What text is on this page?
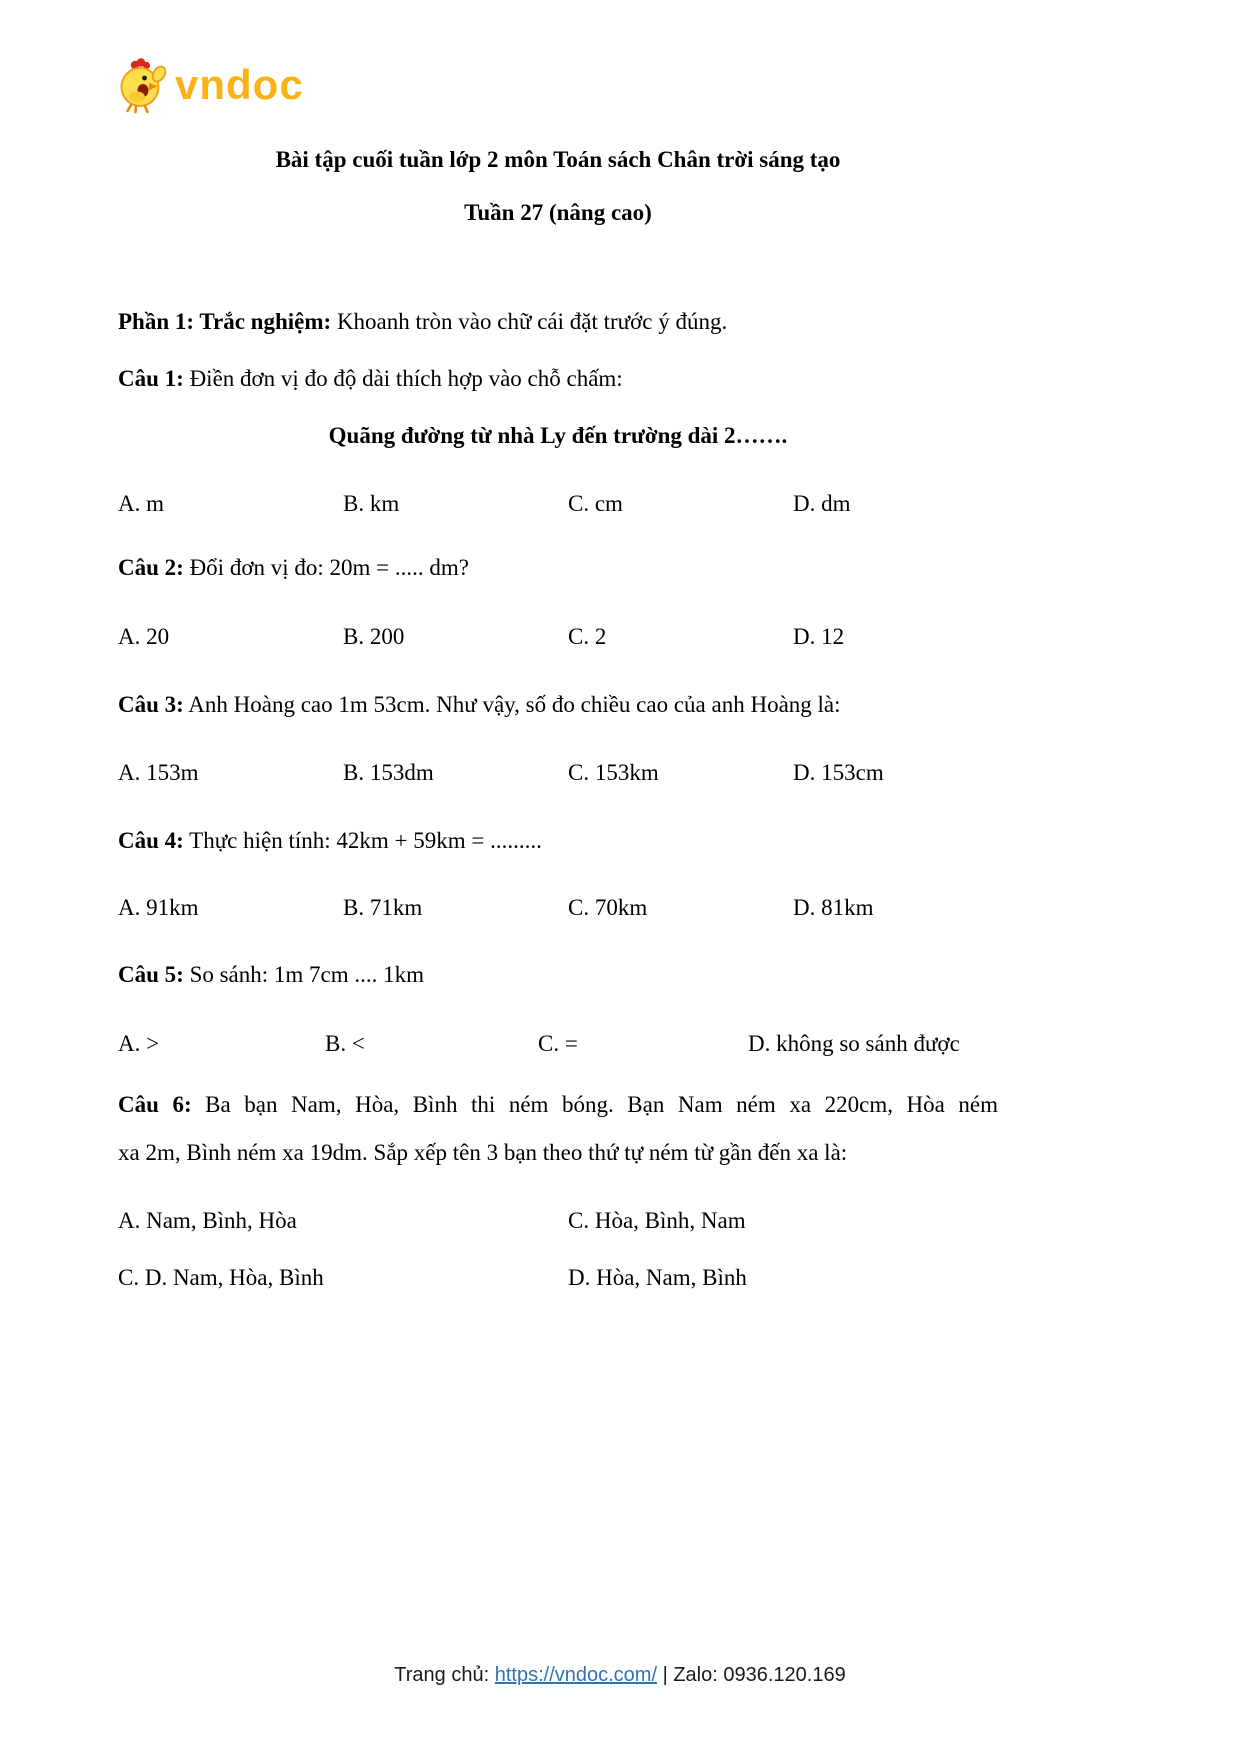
vndoc
Bài tập cuối tuần lớp 2 môn Toán sách Chân trời sáng tạo
Tuần 27 (nâng cao)
Phần 1: Trắc nghiệm: Khoanh tròn vào chữ cái đặt trước ý đúng.
Câu 1: Điền đơn vị đo độ dài thích hợp vào chỗ chấm:
Quãng đường từ nhà Ly đến trường dài 2…….
A. m	B. km	C. cm	D. dm
Câu 2: Đổi đơn vị đo: 20m = ..... dm?
A. 20	B. 200	C. 2	D. 12
Câu 3: Anh Hoàng cao 1m 53cm. Như vậy, số đo chiều cao của anh Hoàng là:
A. 153m	B. 153dm	C. 153km	D. 153cm
Câu 4: Thực hiện tính: 42km + 59km = .........
A. 91km	B. 71km	C. 70km	D. 81km
Câu 5: So sánh: 1m 7cm .... 1km
A. >	B. <	C. =	D. không so sánh được
Câu 6: Ba bạn Nam, Hòa, Bình thi ném bóng. Bạn Nam ném xa 220cm, Hòa ném
xa 2m, Bình ném xa 19dm. Sắp xếp tên 3 bạn theo thứ tự ném từ gần đến xa là:
A. Nam, Bình, Hòa	C. Hòa, Bình, Nam
C. D. Nam, Hòa, Bình	D. Hòa, Nam, Bình
Trang chủ: https://vndoc.com/ | Zalo: 0936.120.169
